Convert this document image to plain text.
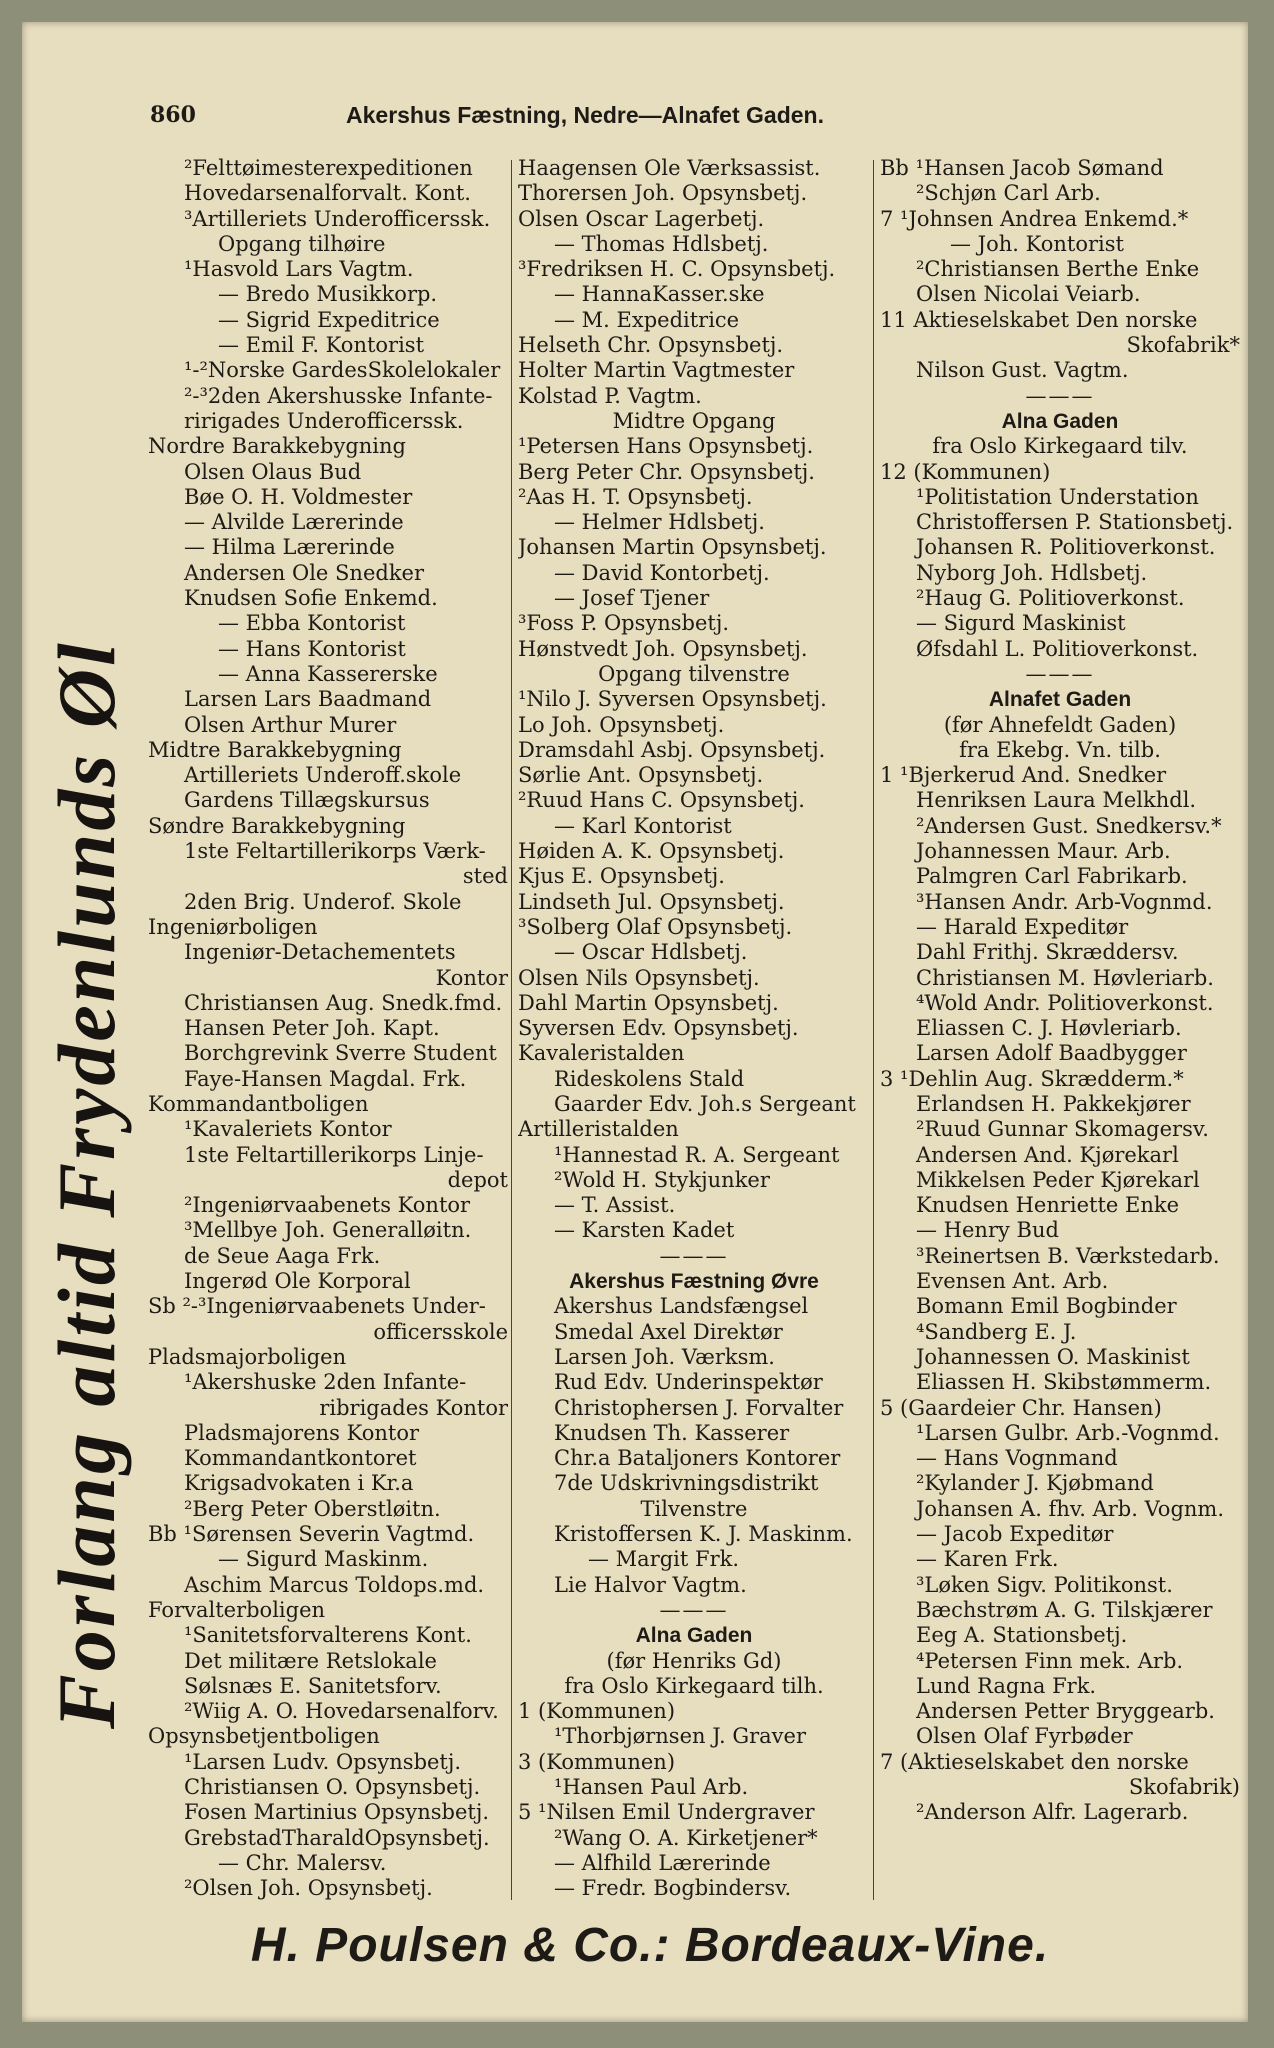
860	Akershus Fæstning, Nedre—Alnafet Gaden.
Forlang altid Frydenlunds Øl
²Felttøimesterexpeditionen
Hovedarsenalforvalt. Kont.
³Artilleriets Underofficerssk.
Opgang tilhøire
¹Hasvold Lars Vagtm.
— Bredo Musikkorp.
— Sigrid Expeditrice
— Emil F. Kontorist
¹-²Norske GardesSkolelokaler
²-³2den Akershusske Infante-
ririgades Underofficerssk.
Nordre Barakkebygning
Olsen Olaus Bud
Bøe O. H. Voldmester
— Alvilde Lærerinde
— Hilma Lærerinde
Andersen Ole Snedker
Knudsen Sofie Enkemd.
— Ebba Kontorist
— Hans Kontorist
— Anna Kassererske
Larsen Lars Baadmand
Olsen Arthur Murer
Midtre Barakkebygning
Artilleriets Underoff.skole
Gardens Tillægskursus
Søndre Barakkebygning
1ste Feltartillerikorps Værk-
sted
2den Brig. Underof. Skole
Ingeniørboligen
Ingeniør-Detachementets
Kontor
Christiansen Aug. Snedk.fmd.
Hansen Peter Joh. Kapt.
Borchgrevink Sverre Student
Faye-Hansen Magdal. Frk.
Kommandantboligen
¹Kavaleriets Kontor
1ste Feltartillerikorps Linje-
depot
²Ingeniørvaabenets Kontor
³Mellbye Joh. Generalløitn.
de Seue Aaga Frk.
Ingerød Ole Korporal
Sb ²-³Ingeniørvaabenets Under-
officersskole
Pladsmajorboligen
¹Akershuske 2den Infante-
ribrigades Kontor
Pladsmajorens Kontor
Kommandantkontoret
Krigsadvokaten i Kr.a
²Berg Peter Oberstløitn.
Bb ¹Sørensen Severin Vagtmd.
— Sigurd Maskinm.
Aschim Marcus Toldops.md.
Forvalterboligen
¹Sanitetsforvalterens Kont.
Det militære Retslokale
Sølsnæs E. Sanitetsforv.
²Wiig A. O. Hovedarsenalforv.
Opsynsbetjentboligen
¹Larsen Ludv. Opsynsbetj.
Christiansen O. Opsynsbetj.
Fosen Martinius Opsynsbetj.
GrebstadTharaldOpsynsbetj.
— Chr. Malersv.
²Olsen Joh. Opsynsbetj.
Haagensen Ole Værksassist.
Thorersen Joh. Opsynsbetj.
Olsen Oscar Lagerbetj.
— Thomas Hdlsbetj.
³Fredriksen H. C. Opsynsbetj.
— HannaKasser.ske
— M. Expeditrice
Helseth Chr. Opsynsbetj.
Holter Martin Vagtmester
Kolstad P. Vagtm.
Midtre Opgang
¹Petersen Hans Opsynsbetj.
Berg Peter Chr. Opsynsbetj.
²Aas H. T. Opsynsbetj.
— Helmer Hdlsbetj.
Johansen Martin Opsynsbetj.
— David Kontorbetj.
— Josef Tjener
³Foss P. Opsynsbetj.
Hønstvedt Joh. Opsynsbetj.
Opgang tilvenstre
¹Nilo J. Syversen Opsynsbetj.
Lo Joh. Opsynsbetj.
Dramsdahl Asbj. Opsynsbetj.
Sørlie Ant. Opsynsbetj.
²Ruud Hans C. Opsynsbetj.
— Karl Kontorist
Høiden A. K. Opsynsbetj.
Kjus E. Opsynsbetj.
Lindseth Jul. Opsynsbetj.
³Solberg Olaf Opsynsbetj.
— Oscar Hdlsbetj.
Olsen Nils Opsynsbetj.
Dahl Martin Opsynsbetj.
Syversen Edv. Opsynsbetj.
Kavaleristalden
Rideskolens Stald
Gaarder Edv. Joh.s Sergeant
Artilleristalden
¹Hannestad R. A. Sergeant
²Wold H. Stykjunker
— T. Assist.
— Karsten Kadet
———
Akershus Fæstning Øvre
Akershus Landsfængsel
Smedal Axel Direktør
Larsen Joh. Værksm.
Rud Edv. Underinspektør
Christophersen J. Forvalter
Knudsen Th. Kasserer
Chr.a Bataljoners Kontorer
7de Udskrivningsdistrikt
Tilvenstre
Kristoffersen K. J. Maskinm.
— Margit Frk.
Lie Halvor Vagtm.
———
Alna Gaden
(før Henriks Gd)
fra Oslo Kirkegaard tilh.
1 (Kommunen)
¹Thorbjørnsen J. Graver
3 (Kommunen)
¹Hansen Paul Arb.
5 ¹Nilsen Emil Undergraver
²Wang O. A. Kirketjener*
— Alfhild Lærerinde
— Fredr. Bogbindersv.
Bb ¹Hansen Jacob Sømand
²Schjøn Carl Arb.
7 ¹Johnsen Andrea Enkemd.*
— Joh. Kontorist
²Christiansen Berthe Enke
Olsen Nicolai Veiarb.
11 Aktieselskabet Den norske
Skofabrik*
Nilson Gust. Vagtm.
———
Alna Gaden
fra Oslo Kirkegaard tilv.
12 (Kommunen)
¹Politistation Understation
Christoffersen P. Stationsbetj.
Johansen R. Politioverkonst.
Nyborg Joh. Hdlsbetj.
²Haug G. Politioverkonst.
— Sigurd Maskinist
Øfsdahl L. Politioverkonst.
———
Alnafet Gaden
(før Ahnefeldt Gaden)
fra Ekebg. Vn. tilb.
1 ¹Bjerkerud And. Snedker
Henriksen Laura Melkhdl.
²Andersen Gust. Snedkersv.*
Johannessen Maur. Arb.
Palmgren Carl Fabrikarb.
³Hansen Andr. Arb-Vognmd.
— Harald Expeditør
Dahl Frithj. Skræddersv.
Christiansen M. Høvleriarb.
⁴Wold Andr. Politioverkonst.
Eliassen C. J. Høvleriarb.
Larsen Adolf Baadbygger
3 ¹Dehlin Aug. Skrædderm.*
Erlandsen H. Pakkekjører
²Ruud Gunnar Skomagersv.
Andersen And. Kjørekarl
Mikkelsen Peder Kjørekarl
Knudsen Henriette Enke
— Henry Bud
³Reinertsen B. Værkstedarb.
Evensen Ant. Arb.
Bomann Emil Bogbinder
⁴Sandberg E. J.
Johannessen O. Maskinist
Eliassen H. Skibstømmerm.
5 (Gaardeier Chr. Hansen)
¹Larsen Gulbr. Arb.-Vognmd.
— Hans Vognmand
²Kylander J. Kjøbmand
Johansen A. fhv. Arb. Vognm.
— Jacob Expeditør
— Karen Frk.
³Løken Sigv. Politikonst.
Bæchstrøm A. G. Tilskjærer
Eeg A. Stationsbetj.
⁴Petersen Finn mek. Arb.
Lund Ragna Frk.
Andersen Petter Bryggearb.
Olsen Olaf Fyrbøder
7 (Aktieselskabet den norske
Skofabrik)
²Anderson Alfr. Lagerarb.
H. Poulsen & Co.: Bordeaux-Vine.
